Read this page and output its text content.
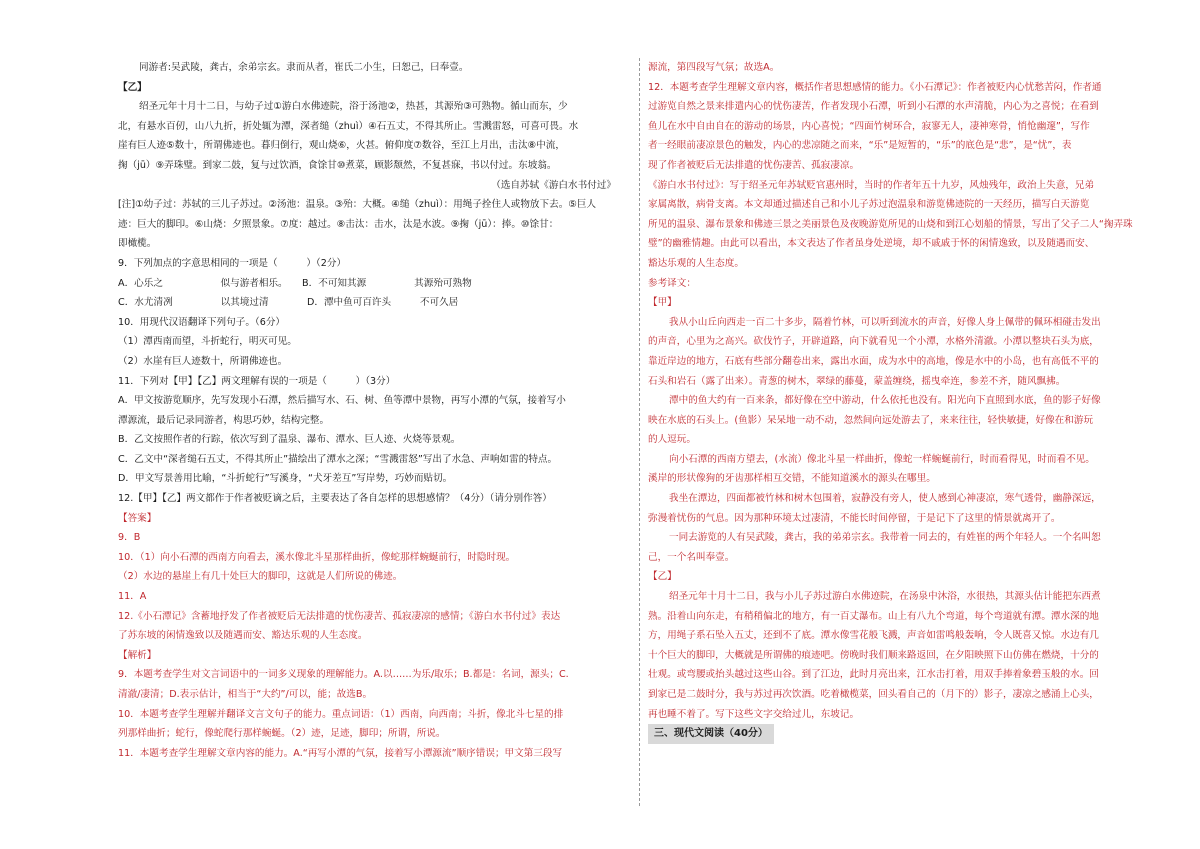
同游者:吴武陵，龚古，余弟宗玄。隶而从者，崔氏二小生，曰恕己，曰奉壹。
【乙】
绍圣元年十月十二日，与幼子过①游白水佛迹院，浴于汤池②，热甚，其源殆③可熟物。循山而东，少
北，有悬水百仞，山八九折，折处辄为潭，深者缒（zhuì）④石五丈，不得其所止。雪溅雷怒，可喜可畏。水
崖有巨人迹⑤数十，所谓佛迹也。暮归倒行，观山烧⑥，火甚。俯仰度⑦数谷，至江上月出，击汰⑧中流，
掬（jū）⑨弄珠璧。到家二鼓，复与过饮酒，食馀甘⑩煮菜，顾影颓然，不复甚寐，书以付过。东坡翁。
（选自苏轼《游白水书付过》
[注]①幼子过：苏轼的三儿子苏过。②汤池：温泉。③殆：大概。④缒（zhuì）：用绳子拴住人或物放下去。⑤巨人
迹：巨大的脚印。⑥山烧：夕照景象。⑦度：越过。⑧击汰：击水，汰是水波。⑨掬（jū）：捧。⑩馀甘：
即橄榄。
9．下列加点的字意思相同的一项是（　　　）（2分）
A．心乐之　　　　　　似与游者相乐。　　B．不可知其源　　　　　其源殆可熟物
C．水尤清冽　　　　　以其境过清　　　　D．潭中鱼可百许头　　　不可久居
10．用现代汉语翻译下列句子。（6分）
（1）潭西南而望，斗折蛇行，明灭可见。
（2）水崖有巨人迹数十，所谓佛迹也。
11．下列对【甲】【乙】两文理解有误的一项是（　　　）（3分）
A．甲文按游览顺序，先写发现小石潭，然后描写水、石、树、鱼等潭中景物，再写小潭的气氛，接着写小
潭源流，最后记录同游者，构思巧妙，结构完整。
B．乙文按照作者的行踪，依次写到了温泉、瀑布、潭水、巨人迹、火烧等景观。
C．乙文中“深者缒石五丈，不得其所止”描绘出了潭水之深；“雪溅雷怒”写出了水急、声响如雷的特点。
D．甲文写景善用比喻，“斗折蛇行”写溪身，“犬牙差互”写岸势，巧妙而贴切。
12.【甲】【乙】两文都作于作者被贬谪之后，主要表达了各自怎样的思想感情？（4分）（请分别作答）
【答案】
9．B
10．（1）向小石潭的西南方向看去，溪水像北斗星那样曲折，像蛇那样蜿蜒前行，时隐时现。
（2）水边的悬崖上有几十处巨大的脚印，这就是人们所说的佛迹。
11．A
12.《小石潭记》含蓄地抒发了作者被贬后无法排遣的忧伤凄苦、孤寂凄凉的感情；《游白水书付过》表达
了苏东坡的闲情逸致以及随遇而安、豁达乐观的人生态度。
【解析】
9．本题考查学生对文言词语中的一词多义现象的理解能力。A.以……为乐/取乐；B.都是：名词，源头；C.
清澈/凄清；D.表示估计，相当于“大约”/可以，能；故选B。
10．本题考查学生理解并翻译文言文句子的能力。重点词语：（1）西南，向西南；斗折，像北斗七星的排
列那样曲折；蛇行，像蛇爬行那样蜿蜒。（2）迹，足迹，脚印；所谓，所说。
11．本题考查学生理解文章内容的能力。A.“再写小潭的气氛，接着写小潭源流”顺序错误；甲文第三段写
源流，第四段写气氛；故选A。
12．本题考查学生理解文章内容，概括作者思想感情的能力。《小石潭记》：作者被贬内心忧愁苦闷，作者通
过游览自然之景来排遣内心的忧伤凄苦，作者发现小石潭，听到小石潭的水声清脆，内心为之喜悦；在看到
鱼儿在水中自由自在的游动的场景，内心喜悦；“四面竹树环合，寂寥无人，凄神寒骨，悄怆幽邃”，写作
者一经眼前凄凉景色的触发，内心的悲凉随之而来，“乐”是短暂的，“乐”的底色是“悲”，是“忧”，表
现了作者被贬后无法排遣的忧伤凄苦、孤寂凄凉。
《游白水书付过》：写于绍圣元年苏轼贬官惠州时，当时的作者年五十九岁，风烛残年，政治上失意，兄弟
家属离散，病骨支离。本文却通过描述自己和小儿子苏过泡温泉和游览佛迹院的一天经历，描写白天游览
所见的温泉、瀑布景象和佛迹三景之美丽景色及夜晚游览所见的山烧和到江心划船的情景，写出了父子二人“掬弄珠
璧”的幽雅情趣。由此可以看出，本文表达了作者虽身处逆境，却不戚戚于怀的闲情逸致，以及随遇而安、
豁达乐观的人生态度。
参考译文：
【甲】
我从小山丘向西走一百二十多步，隔着竹林，可以听到流水的声音，好像人身上佩带的佩环相碰击发出
的声音，心里为之高兴。砍伐竹子，开辟道路，向下就看见一个小潭，水格外清澈。小潭以整块石头为底，
靠近岸边的地方，石底有些部分翻卷出来，露出水面，成为水中的高地，像是水中的小岛，也有高低不平的
石头和岩石（露了出来）。青葱的树木，翠绿的藤蔓，蒙盖缠绕，摇曳牵连，参差不齐，随风飘拂。
潭中的鱼大约有一百来条，都好像在空中游动，什么依托也没有。阳光向下直照到水底，鱼的影子好像
映在水底的石头上。(鱼影）呆呆地一动不动，忽然间向远处游去了，来来往往，轻快敏捷，好像在和游玩
的人逗玩。
向小石潭的西南方望去，(水流）像北斗星一样曲折，像蛇一样蜿蜒前行，时而看得见，时而看不见。
溪岸的形状像狗的牙齿那样相互交错，不能知道溪水的源头在哪里。
我坐在潭边，四面都被竹林和树木包围着，寂静没有旁人，使人感到心神凄凉，寒气透骨，幽静深远，
弥漫着忧伤的气息。因为那种环境太过凄清，不能长时间停留，于是记下了这里的情景就离开了。
一同去游览的人有吴武陵，龚古，我的弟弟宗玄。我带着一同去的，有姓崔的两个年轻人。一个名叫恕
己，一个名叫奉壹。
【乙】
绍圣元年十月十二日，我与小儿子苏过游白水佛迹院，在汤泉中沐浴，水很热，其源头估计能把东西煮
熟。沿着山向东走，有稍稍偏北的地方，有一百丈瀑布。山上有八九个弯道，每个弯道就有潭。潭水深的地
方，用绳子系石坠入五丈，还到不了底。潭水像雪花般飞溅，声音如雷鸣般轰响，令人既喜又惊。水边有几
十个巨大的脚印，大概就是所谓佛的痕迹吧。傍晚时我们顺来路返回，在夕阳映照下山仿佛在燃烧，十分的
壮观。或弯腰或抬头越过这些山谷。到了江边，此时月亮出来，江水击打着，用双手捧着象碧玉般的水。回
到家已是二鼓时分，我与苏过再次饮酒。吃着橄榄菜，回头看自己的（月下的）影子，凄凉之感涌上心头，
再也睡不着了。写下这些文字交给过儿，东坡记。
三、现代文阅读（40分）
